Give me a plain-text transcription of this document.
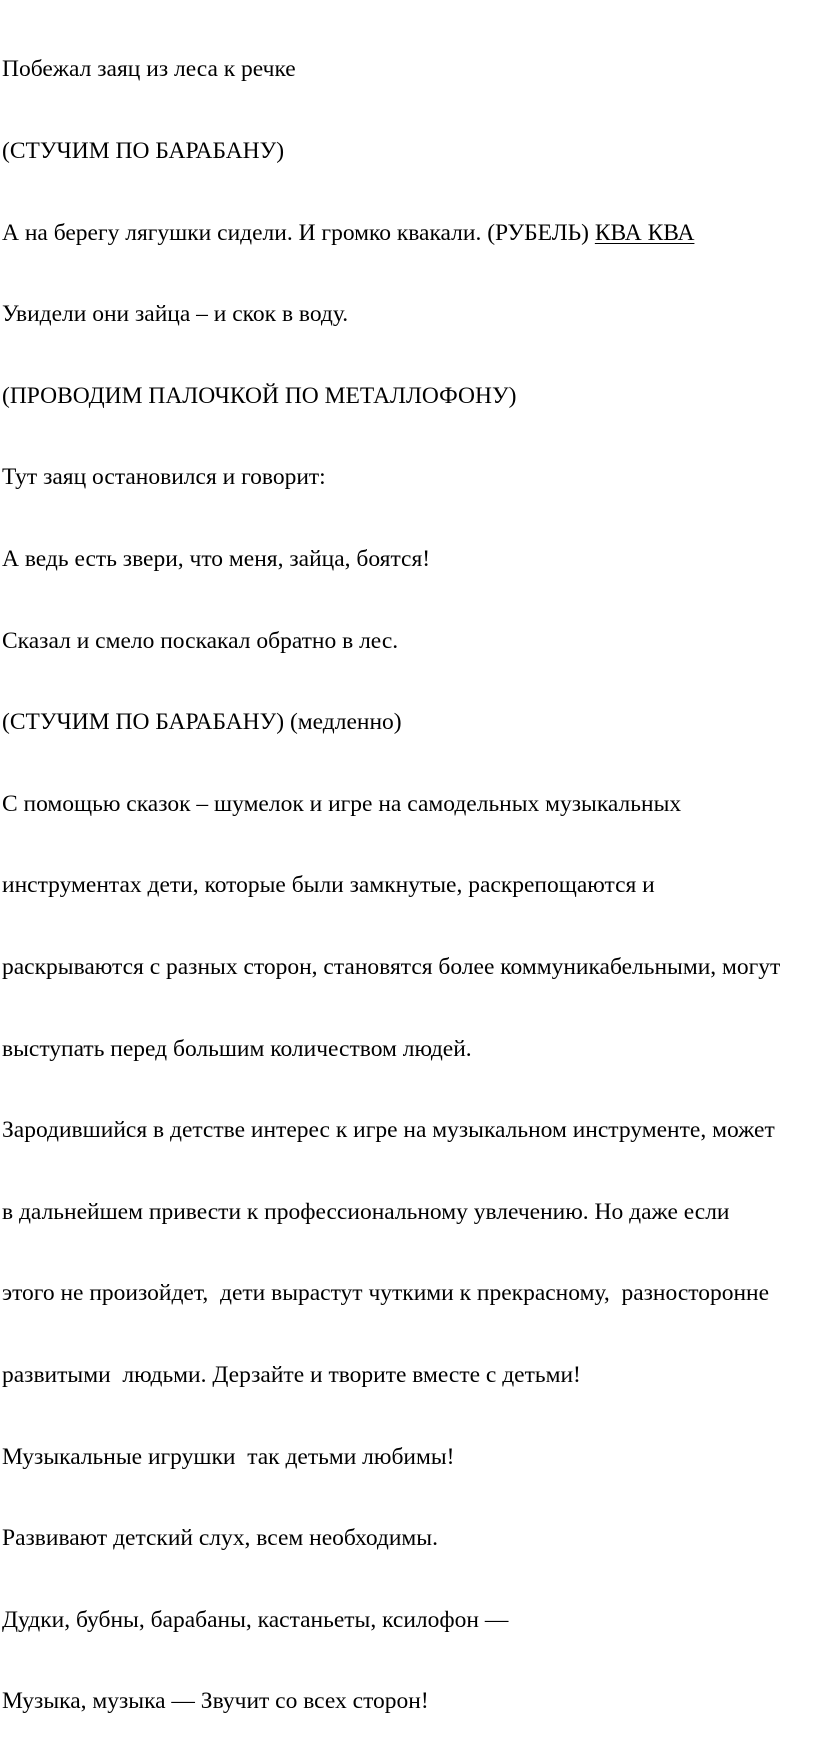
Побежал заяц из леса к речке

(СТУЧИМ ПО БАРАБАНУ)

А на берегу лягушки сидели. И громко квакали. (РУБЕЛЬ) КВА КВА

Увидели они зайца – и скок в воду.

(ПРОВОДИМ ПАЛОЧКОЙ ПО МЕТАЛЛОФОНУ)

Тут заяц остановился и говорит:

А ведь есть звери, что меня, зайца, боятся!

Сказал и смело поскакал обратно в лес.

(СТУЧИМ ПО БАРАБАНУ) (медленно)

С помощью сказок – шумелок и игре на самодельных музыкальных

инструментах дети, которые были замкнутые, раскрепощаются и

раскрываются с разных сторон, становятся более коммуникабельными, могут

выступать перед большим количеством людей.

Зародившийся в детстве интерес к игре на музыкальном инструменте, может

в дальнейшем привести к профессиональному увлечению. Но даже если

этого не произойдет,  дети вырастут чуткими к прекрасному,  разносторонне

развитыми  людьми. Дерзайте и творите вместе с детьми!

Музыкальные игрушки  так детьми любимы!

Развивают детский слух, всем необходимы.

Дудки, бубны, барабаны, кастаньеты, ксилофон —

Музыка, музыка — Звучит со всех сторон!
